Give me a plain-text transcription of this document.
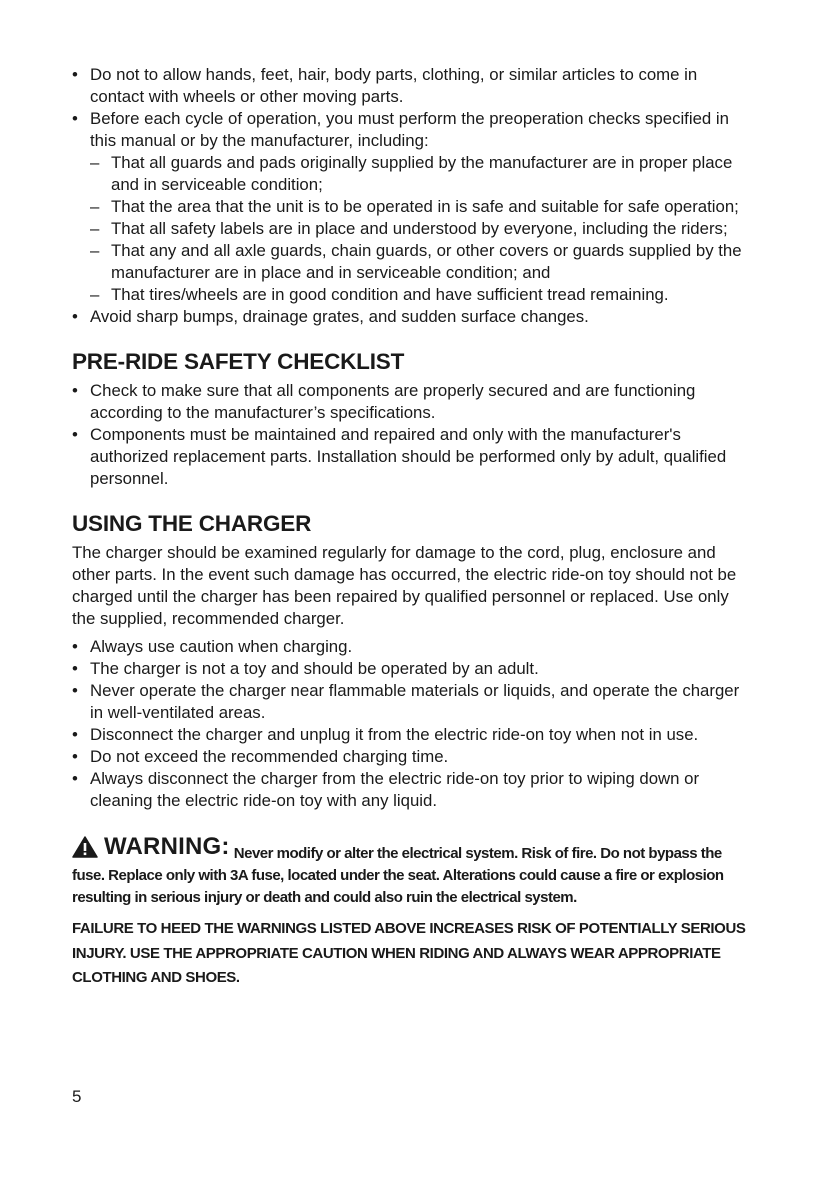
• Do not to allow hands, feet, hair, body parts, clothing, or similar articles to come in contact with wheels or other moving parts.
• Before each cycle of operation, you must perform the preoperation checks specified in this manual or by the manufacturer, including:
– That all guards and pads originally supplied by the manufacturer are in proper place and in serviceable condition;
– That the area that the unit is to be operated in is safe and suitable for safe operation;
– That all safety labels are in place and understood by everyone, including the riders;
– That any and all axle guards, chain guards, or other covers or guards supplied by the manufacturer are in place and in serviceable condition; and
– That tires/wheels are in good condition and have sufficient tread remaining.
• Avoid sharp bumps, drainage grates, and sudden surface changes.
PRE-RIDE SAFETY CHECKLIST
• Check to make sure that all components are properly secured and are functioning according to the manufacturer’s specifications.
• Components must be maintained and repaired and only with the manufacturer's authorized replacement parts. Installation should be performed only by adult, qualified personnel.
USING THE CHARGER

The charger should be examined regularly for damage to the cord, plug, enclosure and other parts. In the event such damage has occurred, the electric ride-on toy should not be charged until the charger has been repaired by qualified personnel or replaced. Use only the supplied, recommended charger.

• Always use caution when charging.
• The charger is not a toy and should be operated by an adult.
• Never operate the charger near flammable materials or liquids, and operate the charger in well-ventilated areas.
• Disconnect the charger and unplug it from the electric ride-on toy when not in use.
• Do not exceed the recommended charging time.
• Always disconnect the charger from the electric ride-on toy prior to wiping down or cleaning the electric ride-on toy with any liquid.
WARNING: Never modify or alter the electrical system. Risk of fire. Do not bypass the fuse. Replace only with 3A fuse, located under the seat. Alterations could cause a fire or explosion resulting in serious injury or death and could also ruin the electrical system.
FAILURE TO HEED THE WARNINGS LISTED ABOVE INCREASES RISK OF POTENTIALLY SERIOUS INJURY. USE THE APPROPRIATE CAUTION WHEN RIDING AND ALWAYS WEAR APPROPRIATE CLOTHING AND SHOES.
5
